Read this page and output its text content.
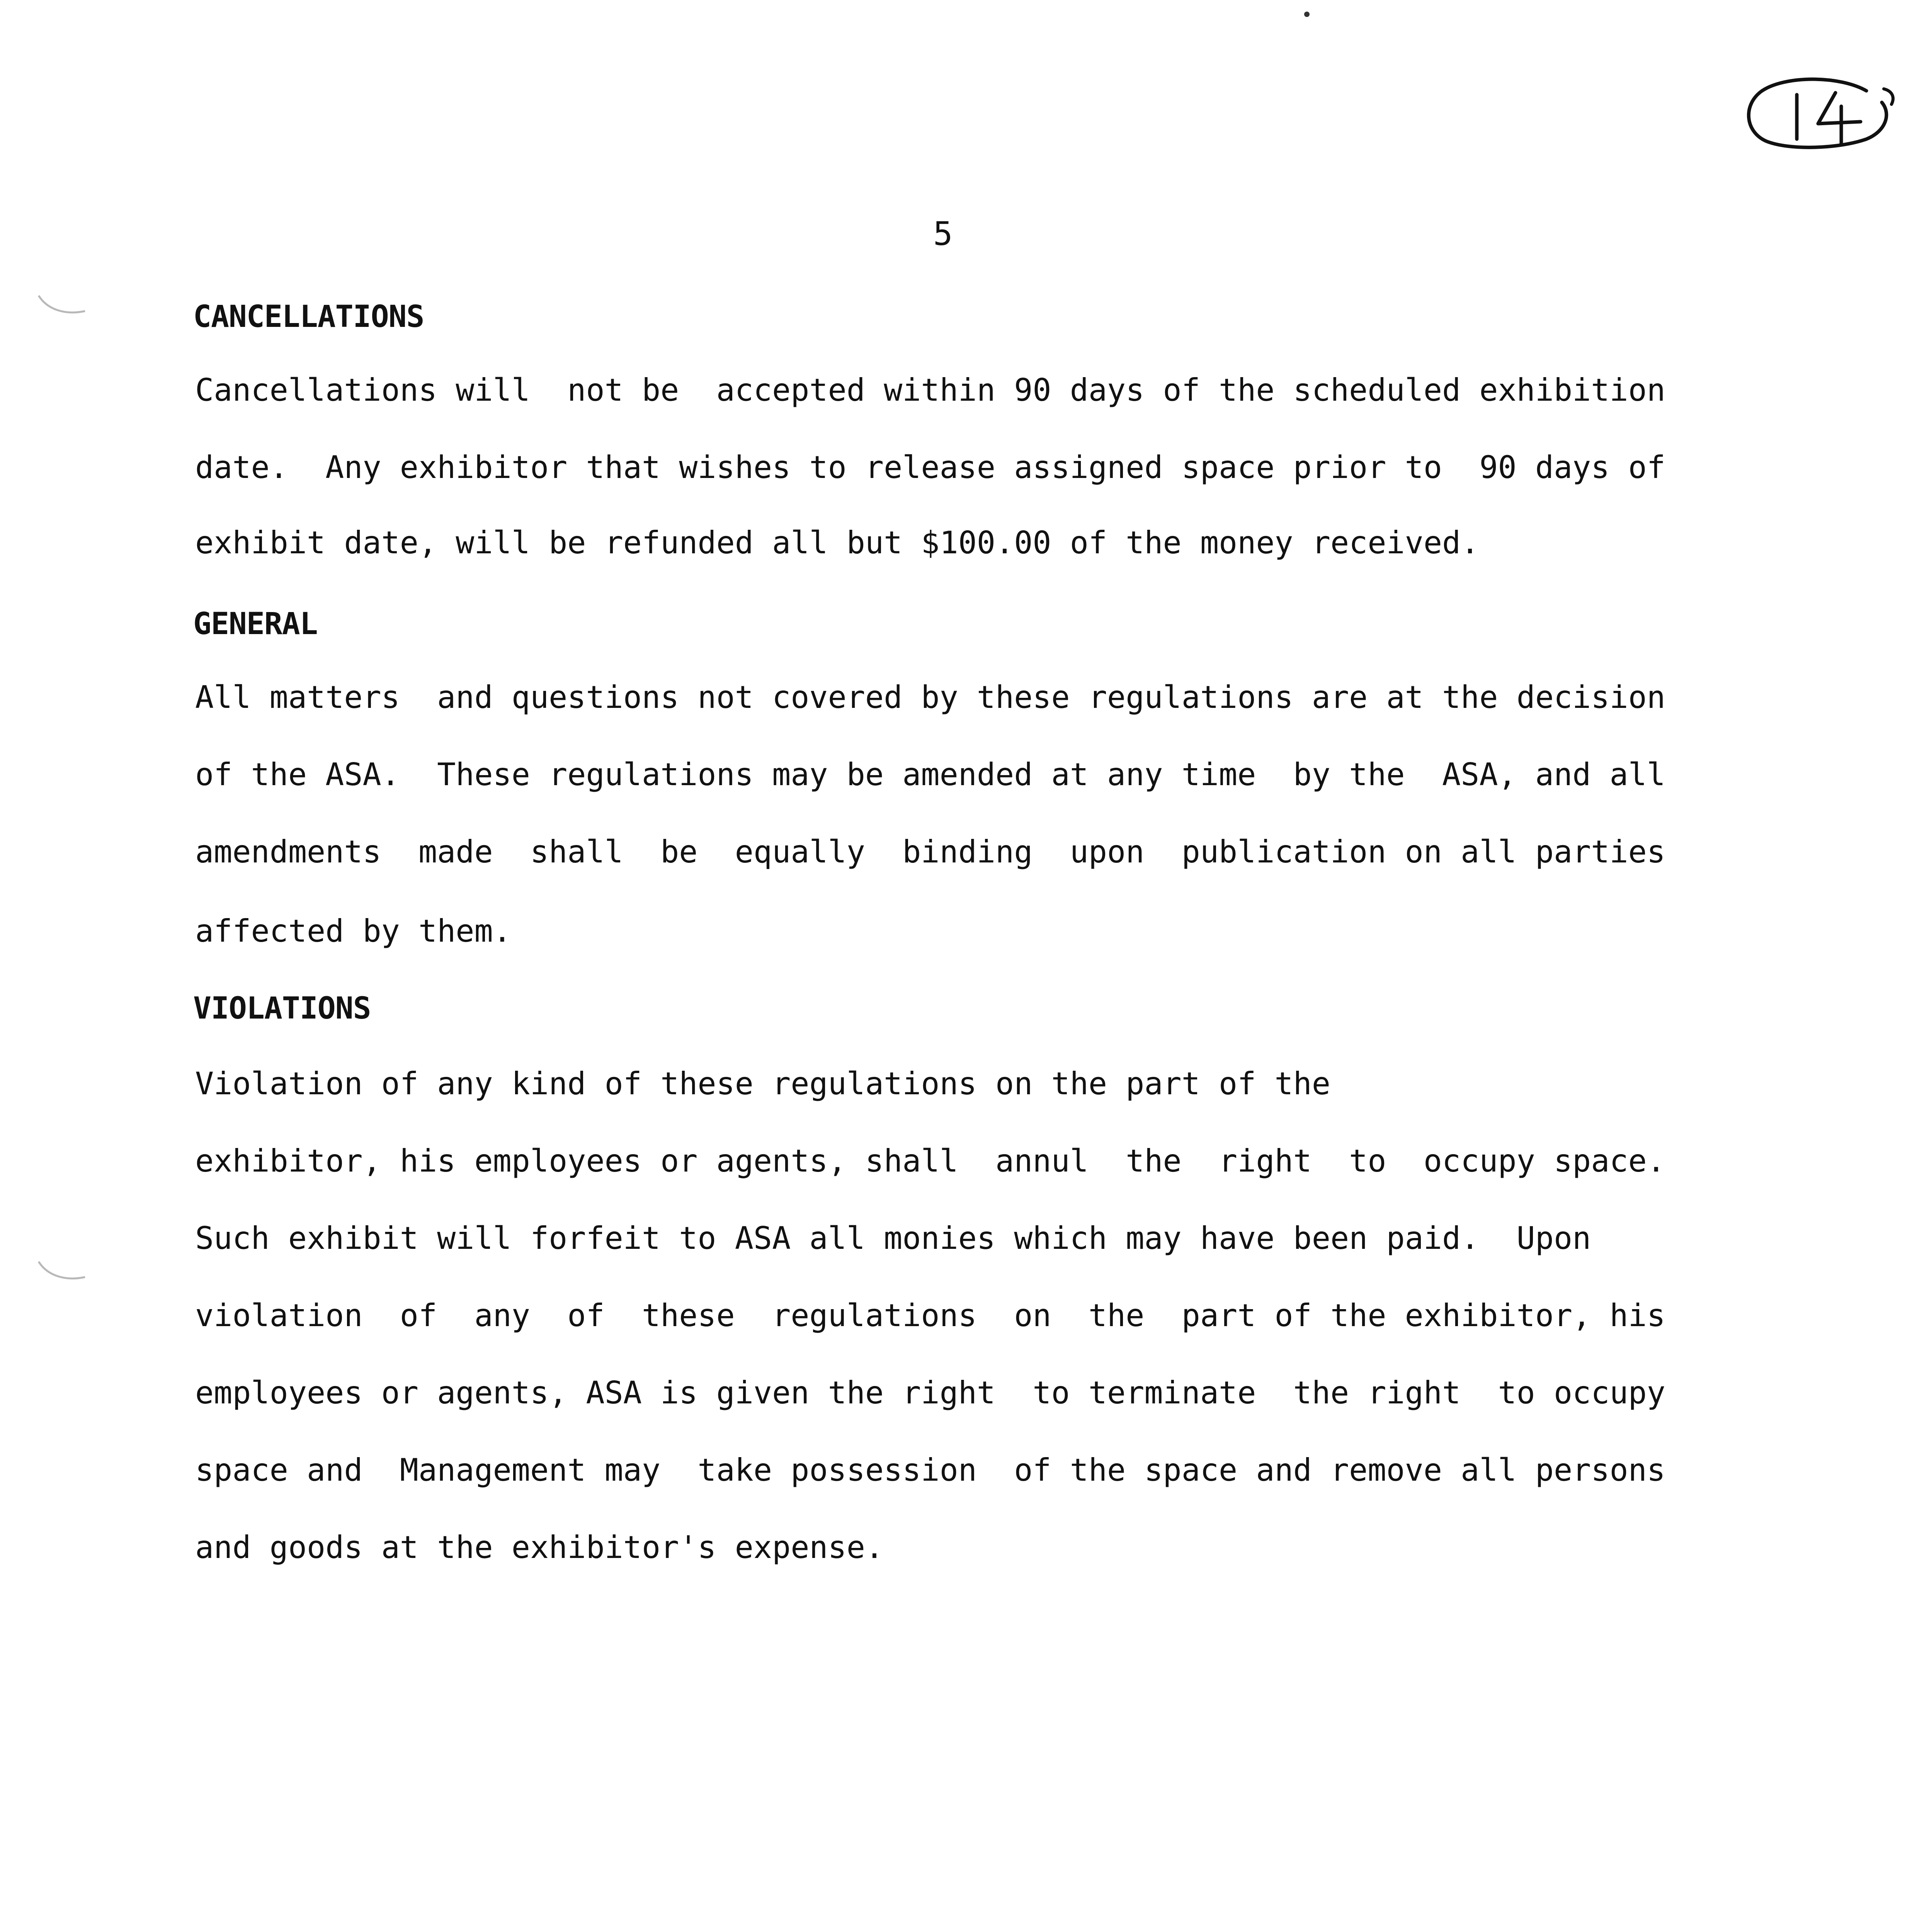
5
CANCELLATIONS

Cancellations will  not be  accepted within 90 days of the scheduled exhibition

date.  Any exhibitor that wishes to release assigned space prior to  90 days of

exhibit date, will be refunded all but $100.00 of the money received.

GENERAL

All matters  and questions not covered by these regulations are at the decision

of the ASA.  These regulations may be amended at any time  by the  ASA, and all

amendments  made  shall  be  equally  binding  upon  publication on all parties

affected by them.

VIOLATIONS

Violation of any kind of these regulations on the part of the

exhibitor, his employees or agents, shall  annul  the  right  to  occupy space.

Such exhibit will forfeit to ASA all monies which may have been paid.  Upon

violation  of  any  of  these  regulations  on  the  part of the exhibitor, his

employees or agents, ASA is given the right  to terminate  the right  to occupy

space and  Management may  take possession  of the space and remove all persons

and goods at the exhibitor's expense.
